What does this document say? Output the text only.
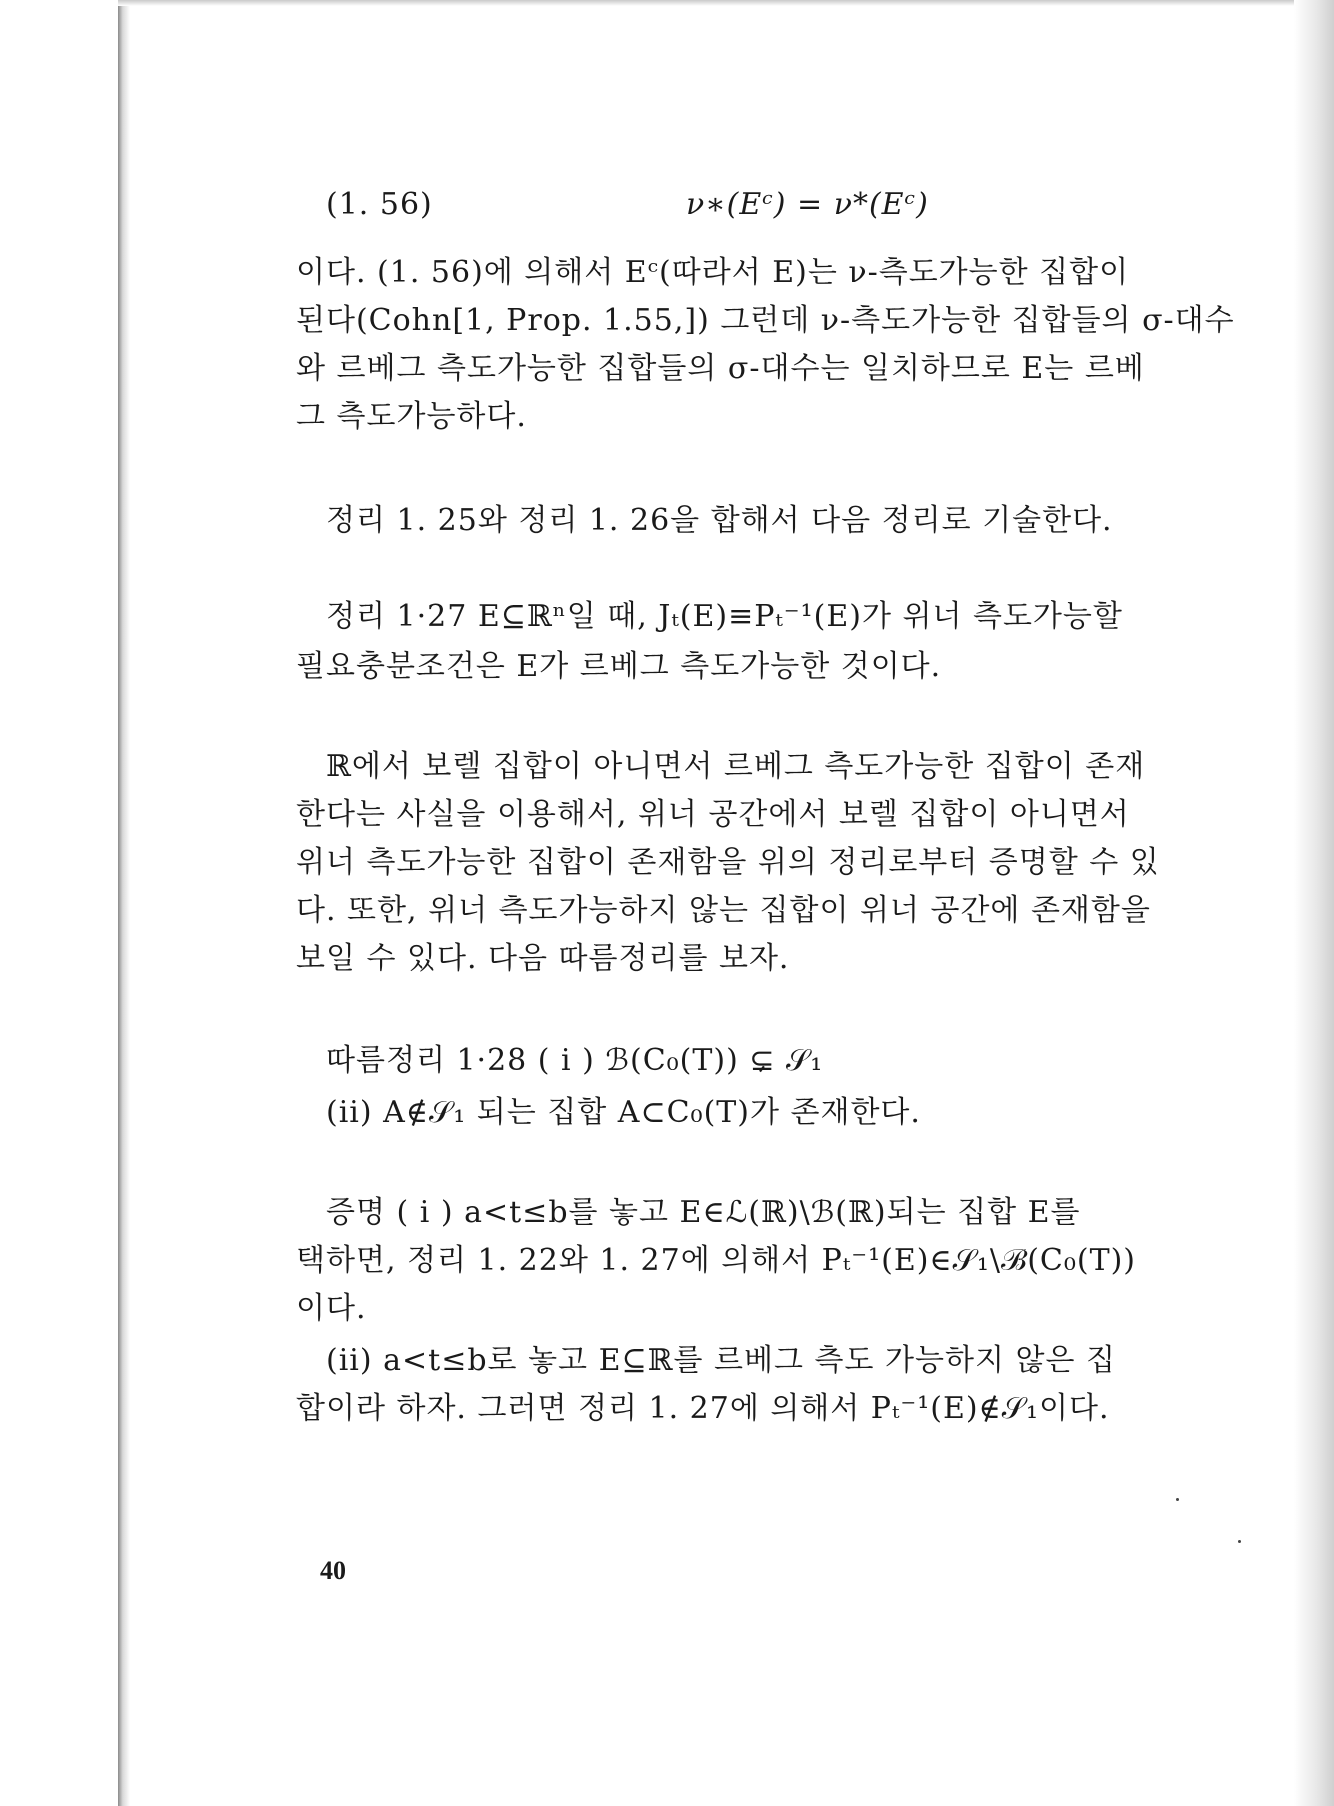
(1. 56)	ν∗(Eᶜ) = ν*(Eᶜ)
이다. (1. 56)에 의해서 Eᶜ(따라서 E)는 ν-측도가능한 집합이
된다(Cohn[1, Prop. 1.55,]) 그런데 ν-측도가능한 집합들의 σ-대수
와 르베그 측도가능한 집합들의 σ-대수는 일치하므로 E는 르베
그 측도가능하다.
정리 1. 25와 정리 1. 26을 합해서 다음 정리로 기술한다.
정리 1·27 E⊆ℝⁿ일 때, Jₜ(E)≡Pₜ⁻¹(E)가 위너 측도가능할
필요충분조건은 E가 르베그 측도가능한 것이다.
ℝ에서 보렐 집합이 아니면서 르베그 측도가능한 집합이 존재
한다는 사실을 이용해서, 위너 공간에서 보렐 집합이 아니면서
위너 측도가능한 집합이 존재함을 위의 정리로부터 증명할 수 있
다. 또한, 위너 측도가능하지 않는 집합이 위너 공간에 존재함을
보일 수 있다. 다음 따름정리를 보자.
따름정리 1·28 ( i ) ℬ(C₀(T)) ⊊ 𝒮₁
(ii) A∉𝒮₁ 되는 집합 A⊂C₀(T)가 존재한다.
증명 ( i ) a<t≤b를 놓고 E∈ℒ(ℝ)\ℬ(ℝ)되는 집합 E를
택하면, 정리 1. 22와 1. 27에 의해서 Pₜ⁻¹(E)∈𝒮₁\ℬ(C₀(T))
이다.
(ii) a<t≤b로 놓고 E⊆ℝ를 르베그 측도 가능하지 않은 집
합이라 하자. 그러면 정리 1. 27에 의해서 Pₜ⁻¹(E)∉𝒮₁이다.
40
